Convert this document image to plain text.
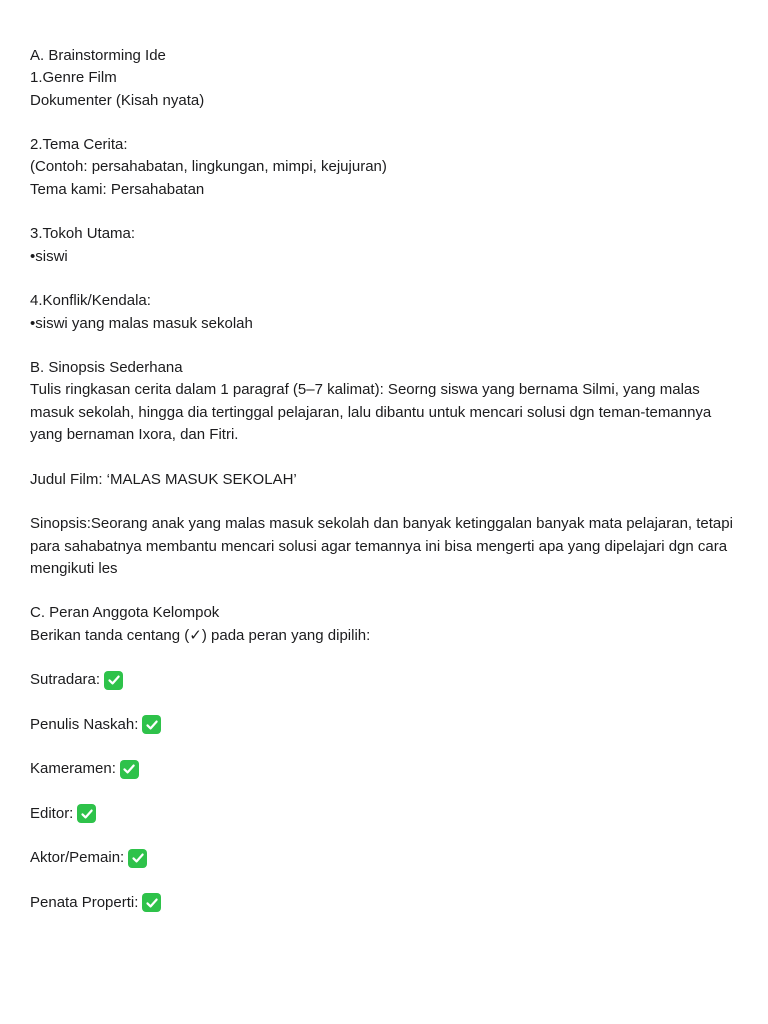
A. Brainstorming Ide
1.Genre Film
Dokumenter (Kisah nyata)
2.Tema Cerita:
(Contoh: persahabatan, lingkungan, mimpi, kejujuran)
Tema kami: Persahabatan
3.Tokoh Utama:
•siswi
4.Konflik/Kendala:
•siswi yang malas masuk sekolah
B. Sinopsis Sederhana
Tulis ringkasan cerita dalam 1 paragraf (5–7 kalimat): Seorng siswa yang bernama Silmi, yang malas masuk sekolah, hingga dia tertinggal pelajaran, lalu dibantu untuk mencari solusi dgn teman-temannya yang bernaman Ixora, dan Fitri.
Judul Film: ‘MALAS MASUK SEKOLAH’
Sinopsis:Seorang anak yang malas masuk sekolah dan banyak ketinggalan banyak mata pelajaran, tetapi para sahabatnya membantu mencari solusi agar temannya ini bisa mengerti apa yang dipelajari dgn cara mengikuti les
C. Peran Anggota Kelompok
Berikan tanda centang (✓) pada peran yang dipilih:
Sutradara:
Penulis Naskah:
Kameramen:
Editor:
Aktor/Pemain:
Penata Properti:
